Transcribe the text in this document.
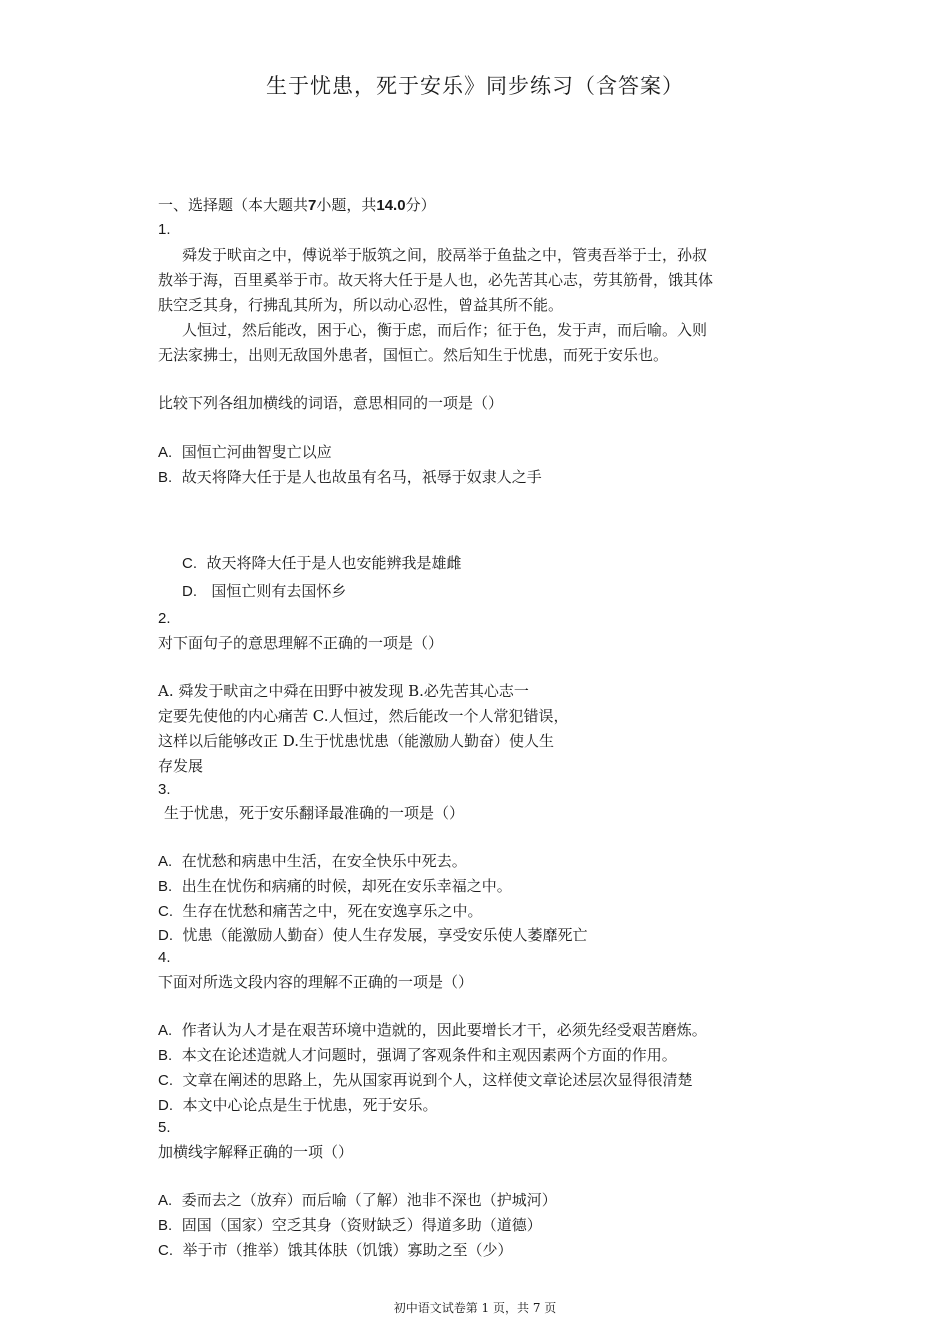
生于忧患，死于安乐》同步练习（含答案）
一、选择题（本大题共7小题，共14.0分）
1.
舜发于畎亩之中，傅说举于版筑之间，胶鬲举于鱼盐之中，管夷吾举于士，孙叔
敖举于海，百里奚举于市。故天将大任于是人也，必先苦其心志，劳其筋骨，饿其体
肤空乏其身，行拂乱其所为，所以动心忍性，曾益其所不能。
人恒过，然后能改，困于心，衡于虑，而后作；征于色，发于声，而后喻。入则
无法家拂士，出则无敌国外患者，国恒亡。然后知生于忧患，而死于安乐也。
比较下列各组加横线的词语，意思相同的一项是（）
A. 国恒亡河曲智叟亡以应
B. 故天将降大任于是人也故虽有名马，祇辱于奴隶人之手
C. 故天将降大任于是人也安能辨我是雄雌
D. 国恒亡则有去国怀乡
2.
对下面句子的意思理解不正确的一项是（）
A. 舜发于畎亩之中舜在田野中被发现 B.必先苦其心志一
定要先使他的内心痛苦 C.人恒过，然后能改一个人常犯错误，
这样以后能够改正 D.生于忧患忧患（能激励人勤奋）使人生
存发展
3.
生于忧患，死于安乐翻译最准确的一项是（）
A. 在忧愁和病患中生活，在安全快乐中死去。
B. 出生在忧伤和病痛的时候，却死在安乐幸福之中。
C. 生存在忧愁和痛苦之中，死在安逸享乐之中。
D. 忧患（能激励人勤奋）使人生存发展，享受安乐使人萎靡死亡
4.
下面对所选文段内容的理解不正确的一项是（）
A. 作者认为人才是在艰苦环境中造就的，因此要增长才干，必须先经受艰苦磨炼。
B. 本文在论述造就人才问题时，强调了客观条件和主观因素两个方面的作用。
C. 文章在阐述的思路上，先从国家再说到个人，这样使文章论述层次显得很清楚
D. 本文中心论点是生于忧患，死于安乐。
5.
加横线字解释正确的一项（）
A. 委而去之（放弃）而后喻（了解）池非不深也（护城河）
B. 固国（国家）空乏其身（资财缺乏）得道多助（道德）
C. 举于市（推举）饿其体肤（饥饿）寡助之至（少）
初中语文试卷第 1 页，共 7 页
